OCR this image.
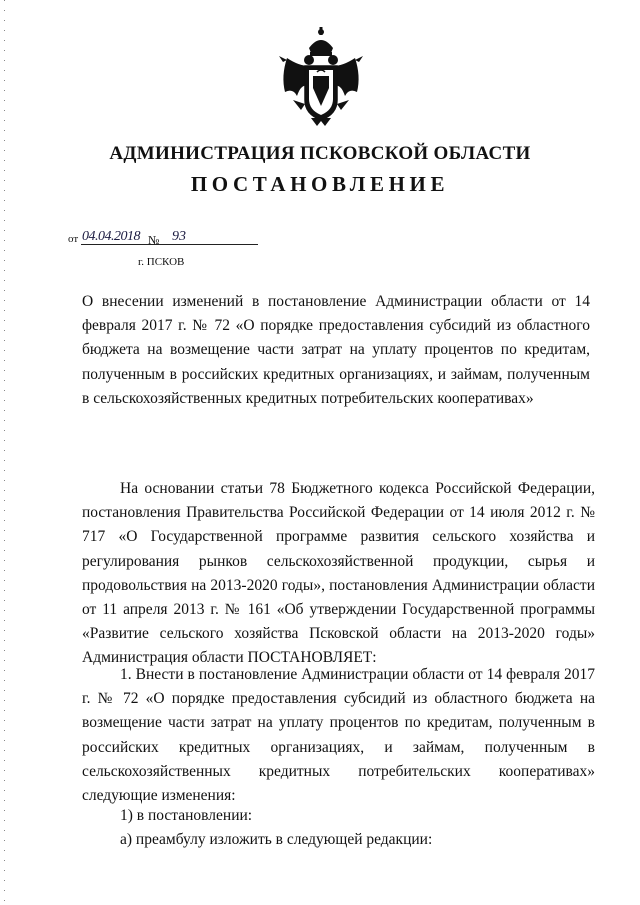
АДМИНИСТРАЦИЯ ПСКОВСКОЙ ОБЛАСТИ
ПОСТАНОВЛЕНИЕ
от 04.04.2018 № 93
г. ПСКОВ
О внесении изменений в постановление Администрации области от 14 февраля 2017 г. № 72 «О порядке предоставления субсидий из областного бюджета на возмещение части затрат на уплату процентов по кредитам, полученным в российских кредитных организациях, и займам, полученным в сельскохозяйственных кредитных потребительских кооперативах»
На основании статьи 78 Бюджетного кодекса Российской Федерации, постановления Правительства Российской Федерации от 14 июля 2012 г. № 717 «О Государственной программе развития сельского хозяйства и регулирования рынков сельскохозяйственной продукции, сырья и продовольствия на 2013-2020 годы», постановления Администрации области от 11 апреля 2013 г. № 161 «Об утверждении Государственной программы «Развитие сельского хозяйства Псковской области на 2013-2020 годы» Администрация области ПОСТАНОВЛЯЕТ:
1. Внести в постановление Администрации области от 14 февраля 2017 г. № 72 «О порядке предоставления субсидий из областного бюджета на возмещение части затрат на уплату процентов по кредитам, полученным в российских кредитных организациях, и займам, полученным в сельскохозяйственных кредитных потребительских кооперативах» следующие изменения:
1) в постановлении:
а) преамбулу изложить в следующей редакции:
